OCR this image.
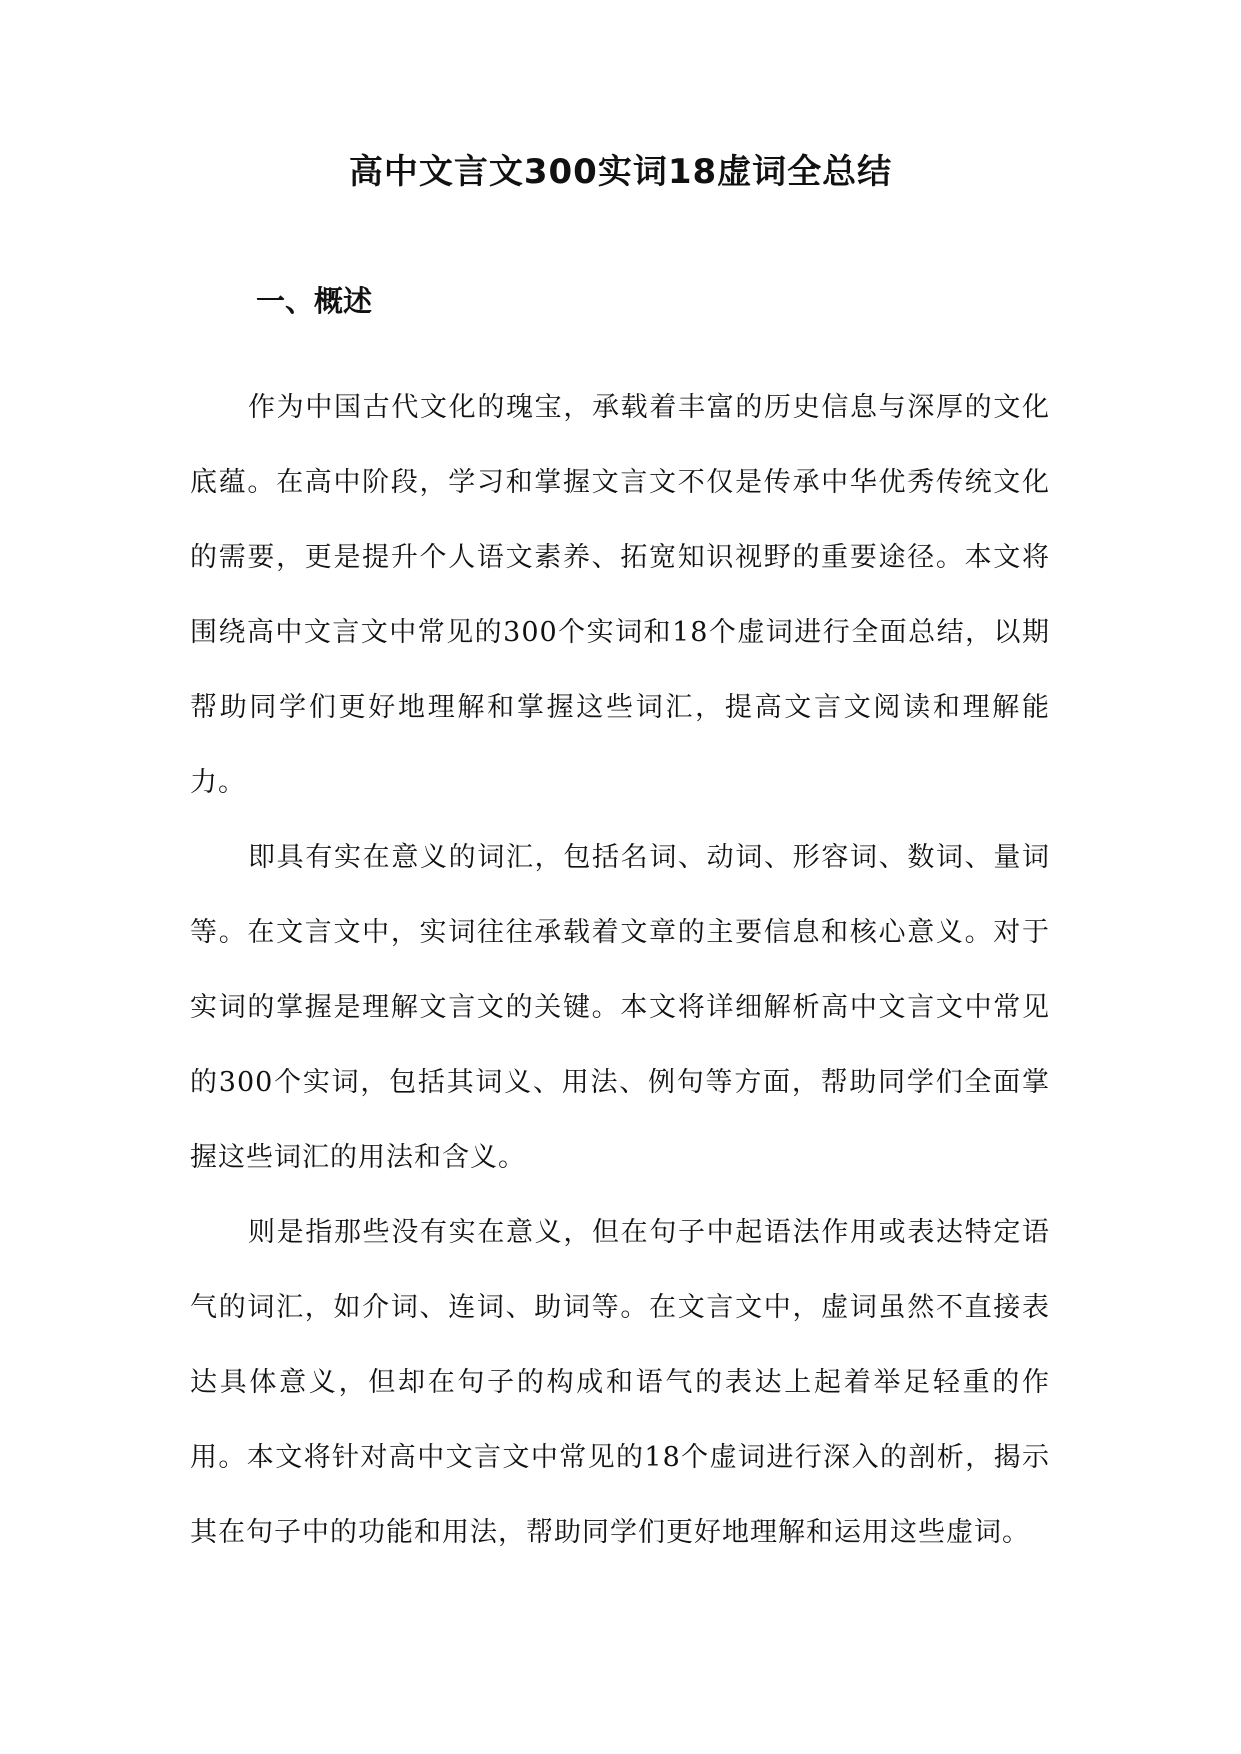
高中文言文300实词18虚词全总结
一、概述

作为中国古代文化的瑰宝，承载着丰富的历史信息与深厚的文化底蕴。在高中阶段，学习和掌握文言文不仅是传承中华优秀传统文化的需要，更是提升个人语文素养、拓宽知识视野的重要途径。本文将围绕高中文言文中常见的300个实词和18个虚词进行全面总结，以期帮助同学们更好地理解和掌握这些词汇，提高文言文阅读和理解能力。

即具有实在意义的词汇，包括名词、动词、形容词、数词、量词等。在文言文中，实词往往承载着文章的主要信息和核心意义。对于实词的掌握是理解文言文的关键。本文将详细解析高中文言文中常见的300个实词，包括其词义、用法、例句等方面，帮助同学们全面掌握这些词汇的用法和含义。

则是指那些没有实在意义，但在句子中起语法作用或表达特定语气的词汇，如介词、连词、助词等。在文言文中，虚词虽然不直接表达具体意义，但却在句子的构成和语气的表达上起着举足轻重的作用。本文将针对高中文言文中常见的18个虚词进行深入的剖析，揭示其在句子中的功能和用法，帮助同学们更好地理解和运用这些虚词。
